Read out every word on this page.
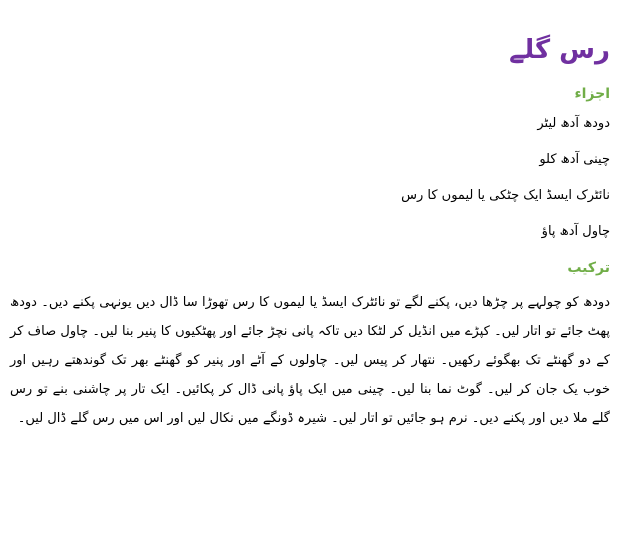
رس گلے
اجزاء
دودھ آدھ لیٹر
چینی آدھ کلو
نائٹرک ایسڈ ایک چٹکی یا لیموں کا رس
چاول آدھ پاؤ
ترکیب

دودھ کو چولہے پر چڑھا دیں، پکنے لگے تو نائٹرک ایسڈ یا لیموں کا رس تھوڑا سا ڈال دیں یونہی پکنے دیں۔ دودھ پھٹ جائے تو اتار لیں۔ کپڑے میں انڈیل کر لٹکا دیں تاکہ پانی نچڑ جائے اور پھٹکیوں کا پنیر بنا لیں۔ چاول صاف کر کے دو گھنٹے تک بھگوئے رکھیں۔ نتھار کر پیس لیں۔ چاولوں کے آٹے اور پنیر کو گھنٹے بھر تک گوندھتے رہیں اور خوب یک جان کر لیں۔ گوٹ نما بنا لیں۔ چینی میں ایک پاؤ پانی ڈال کر پکائیں۔ ایک تار پر چاشنی بنے تو رس گلے ملا دیں اور پکنے دیں۔ نرم ہو جائیں تو اتار لیں۔ شیرہ ڈونگے میں نکال لیں اور اس میں رس گلے ڈال لیں۔
